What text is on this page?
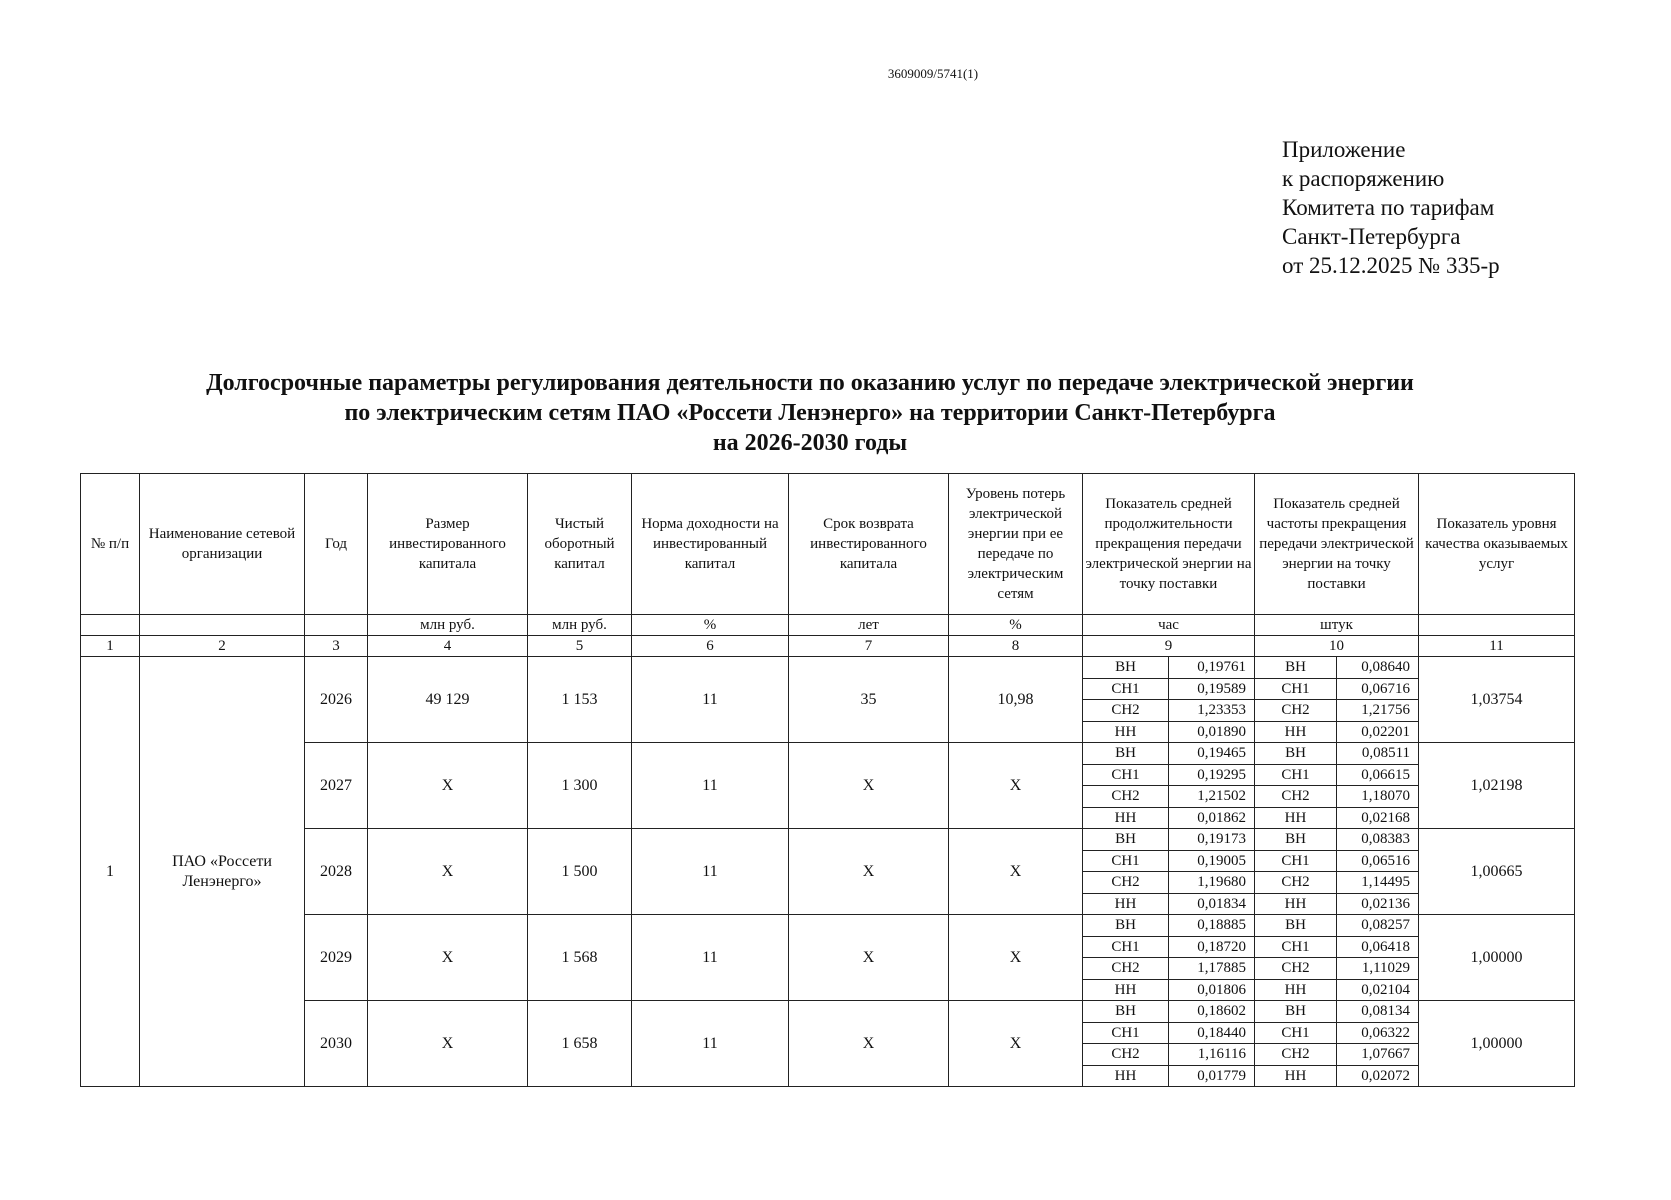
3609009/5741(1)
Приложение
к распоряжению
Комитета по тарифам
Санкт-Петербурга
от 25.12.2025 № 335-р
Долгосрочные параметры регулирования деятельности по оказанию услуг по передаче электрической энергии
по электрическим сетям ПАО «Россети Ленэнерго» на территории Санкт-Петербурга
на 2026-2030 годы
№ п/п	Наименование сетевой организации	Год	Размер инвестированного капитала	Чистый оборотный капитал	Норма доходности на инвестированный капитал	Срок возврата инвестированного капитала	Уровень потерь электрической энергии при ее передаче по электрическим сетям	Показатель средней продолжительности прекращения передачи электрической энергии на точку поставки		Показатель средней частоты прекращения передачи электрической энергии на точку поставки		Показатель уровня качества оказываемых услуг
			млн руб.	млн руб.	%	лет	%	час		штук		
1	2	3	4	5	6	7	8	9		10		11
1	ПАО «Россети Ленэнерго»	2026	49 129	1 153	11	35	10,98	ВН	0,19761	ВН	0,08640	1,03754
								СН1	0,19589	СН1	0,06716	
								СН2	1,23353	СН2	1,21756	
								НН	0,01890	НН	0,02201	
		2027	Х	1 300	11	Х	Х	ВН	0,19465	ВН	0,08511	1,02198
								СН1	0,19295	СН1	0,06615	
								СН2	1,21502	СН2	1,18070	
								НН	0,01862	НН	0,02168	
		2028	Х	1 500	11	Х	Х	ВН	0,19173	ВН	0,08383	1,00665
								СН1	0,19005	СН1	0,06516	
								СН2	1,19680	СН2	1,14495	
								НН	0,01834	НН	0,02136	
		2029	Х	1 568	11	Х	Х	ВН	0,18885	ВН	0,08257	1,00000
								СН1	0,18720	СН1	0,06418	
								СН2	1,17885	СН2	1,11029	
								НН	0,01806	НН	0,02104	
		2030	Х	1 658	11	Х	Х	ВН	0,18602	ВН	0,08134	1,00000
								СН1	0,18440	СН1	0,06322	
								СН2	1,16116	СН2	1,07667	
								НН	0,01779	НН	0,02072	
